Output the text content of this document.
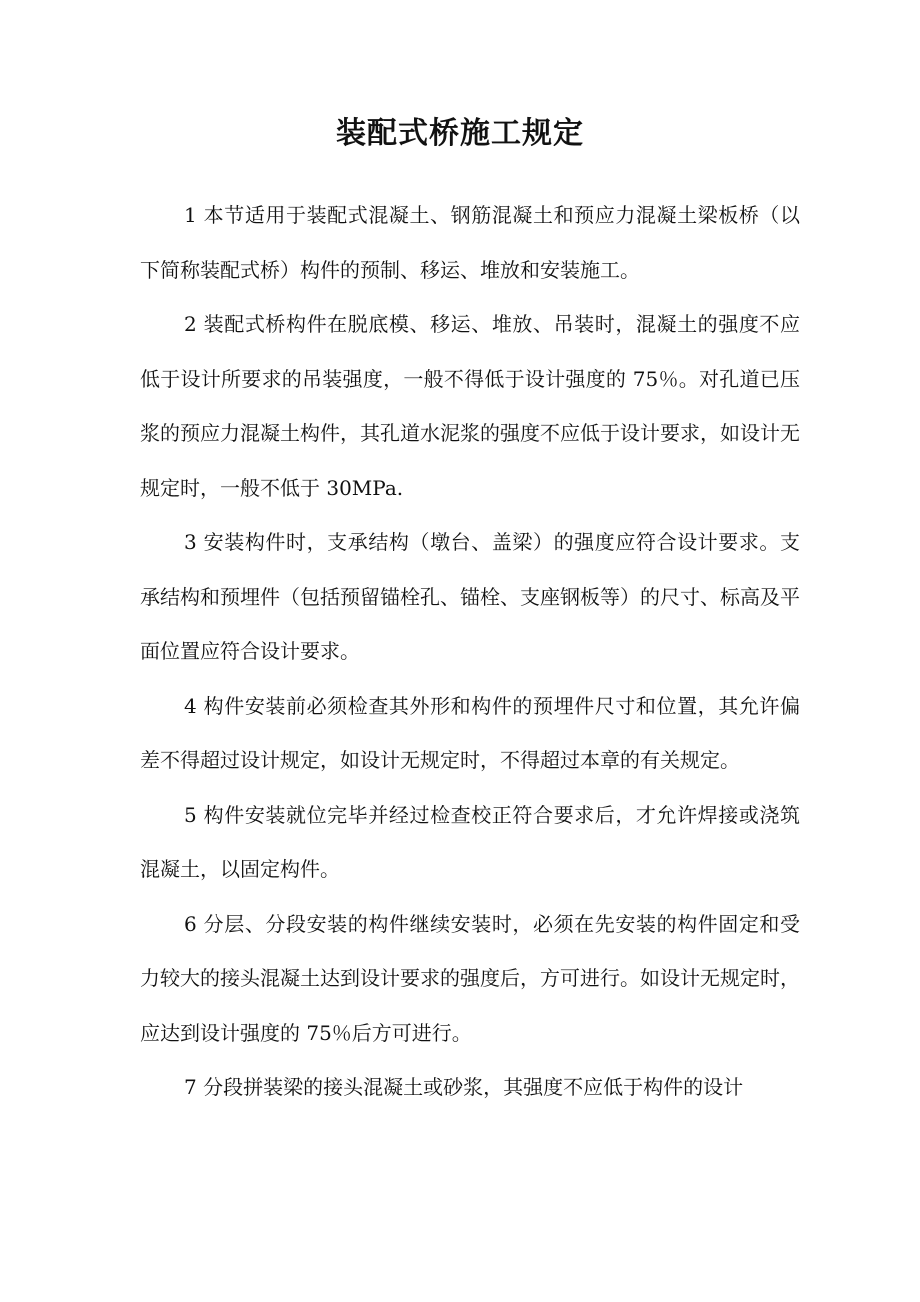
装配式桥施工规定

1 本节适用于装配式混凝土、钢筋混凝土和预应力混凝土梁板桥（以下简称装配式桥）构件的预制、移运、堆放和安装施工。

2 装配式桥构件在脱底模、移运、堆放、吊装时，混凝土的强度不应低于设计所要求的吊装强度，一般不得低于设计强度的 75％。对孔道已压浆的预应力混凝土构件，其孔道水泥浆的强度不应低于设计要求，如设计无规定时，一般不低于 30MPa.

3 安装构件时，支承结构（墩台、盖梁）的强度应符合设计要求。支承结构和预埋件（包括预留锚栓孔、锚栓、支座钢板等）的尺寸、标高及平面位置应符合设计要求。

4 构件安装前必须检查其外形和构件的预埋件尺寸和位置，其允许偏差不得超过设计规定，如设计无规定时，不得超过本章的有关规定。

5 构件安装就位完毕并经过检查校正符合要求后，才允许焊接或浇筑混凝土，以固定构件。

6 分层、分段安装的构件继续安装时，必须在先安装的构件固定和受力较大的接头混凝土达到设计要求的强度后，方可进行。如设计无规定时，应达到设计强度的 75％后方可进行。

7 分段拼装梁的接头混凝土或砂浆，其强度不应低于构件的设计
